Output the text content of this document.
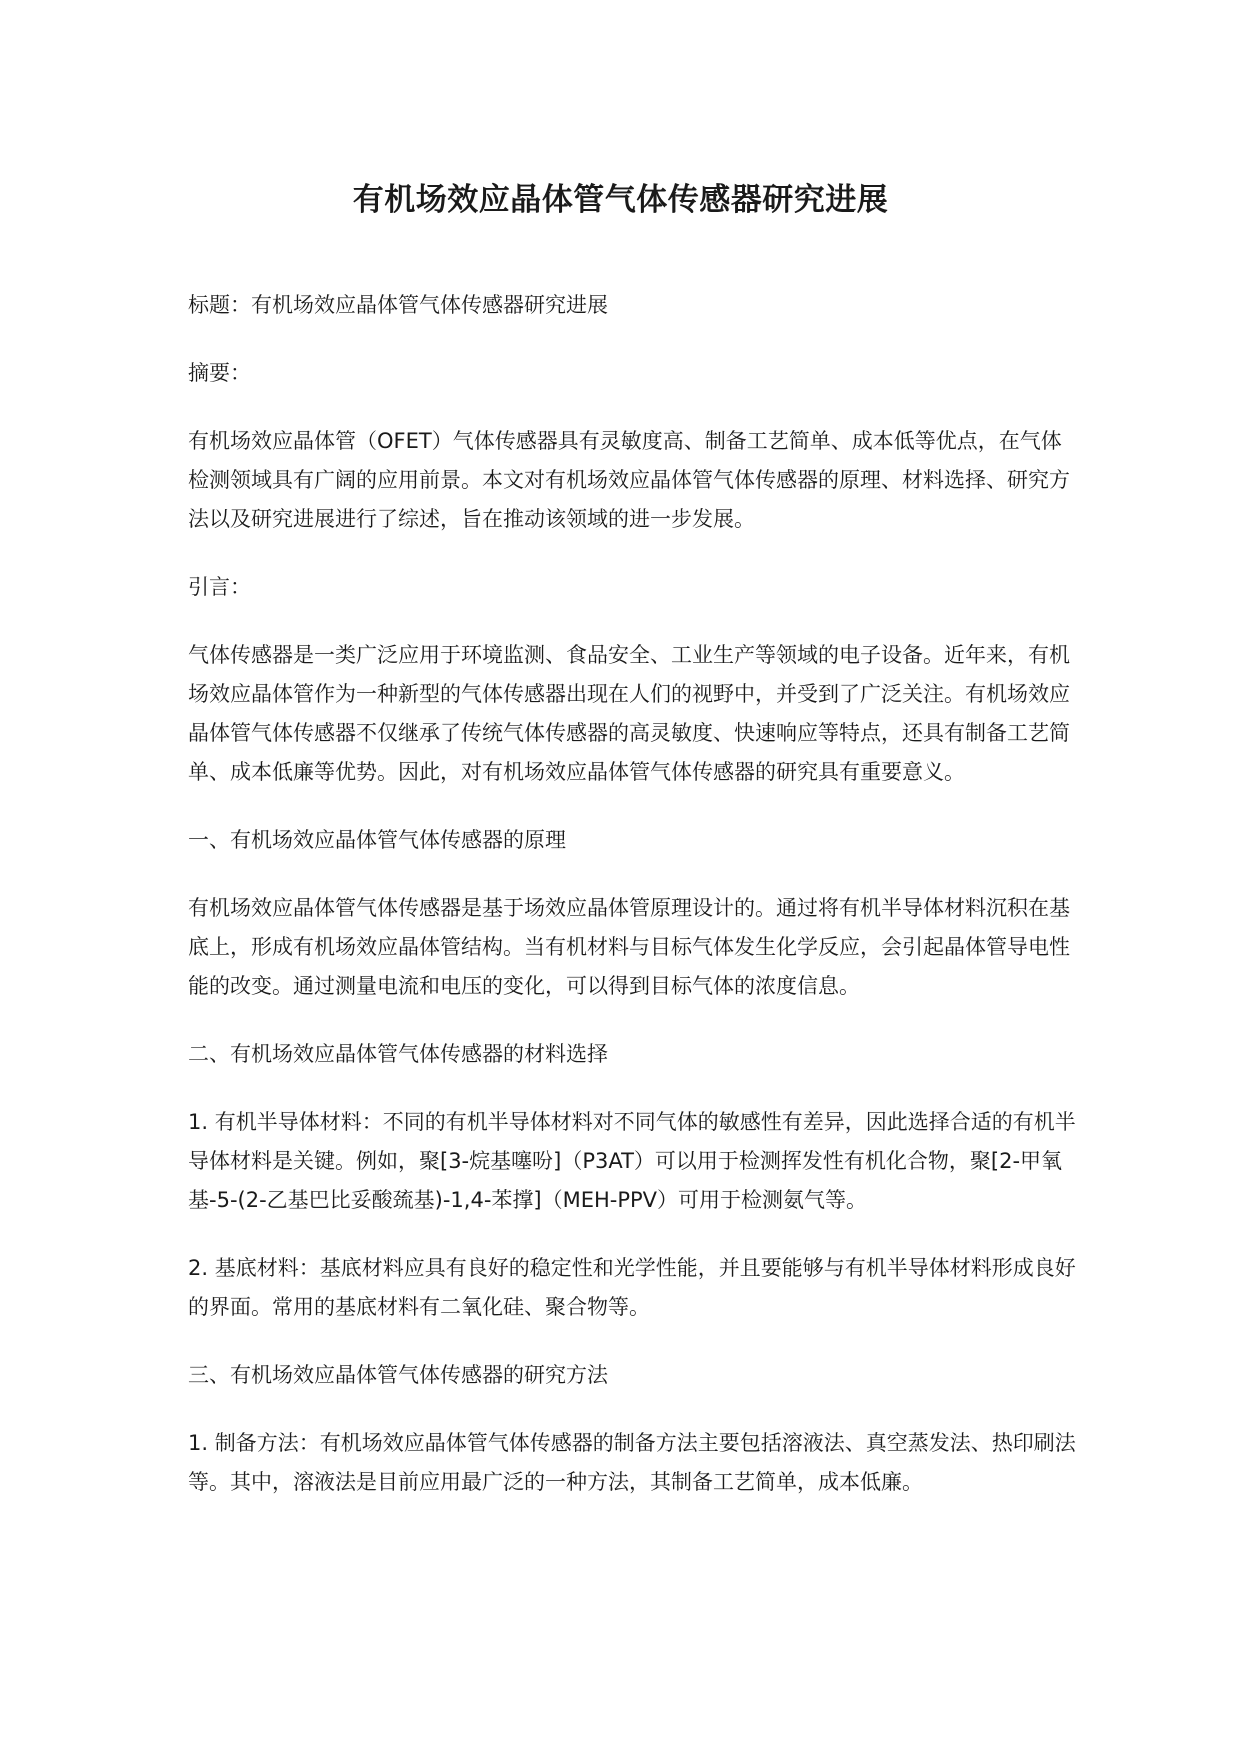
有机场效应晶体管气体传感器研究进展

标题：有机场效应晶体管气体传感器研究进展

摘要：

有机场效应晶体管（OFET）气体传感器具有灵敏度高、制备工艺简单、成本低等优点，在气体检测领域具有广阔的应用前景。本文对有机场效应晶体管气体传感器的原理、材料选择、研究方法以及研究进展进行了综述，旨在推动该领域的进一步发展。

引言：

气体传感器是一类广泛应用于环境监测、食品安全、工业生产等领域的电子设备。近年来，有机场效应晶体管作为一种新型的气体传感器出现在人们的视野中，并受到了广泛关注。有机场效应晶体管气体传感器不仅继承了传统气体传感器的高灵敏度、快速响应等特点，还具有制备工艺简单、成本低廉等优势。因此，对有机场效应晶体管气体传感器的研究具有重要意义。

一、有机场效应晶体管气体传感器的原理

有机场效应晶体管气体传感器是基于场效应晶体管原理设计的。通过将有机半导体材料沉积在基底上，形成有机场效应晶体管结构。当有机材料与目标气体发生化学反应，会引起晶体管导电性能的改变。通过测量电流和电压的变化，可以得到目标气体的浓度信息。

二、有机场效应晶体管气体传感器的材料选择

1. 有机半导体材料：不同的有机半导体材料对不同气体的敏感性有差异，因此选择合适的有机半导体材料是关键。例如，聚[3-烷基噻吩]（P3AT）可以用于检测挥发性有机化合物，聚[2-甲氧基-5-(2-乙基巴比妥酸巯基)-1,4-苯撑]（MEH-PPV）可用于检测氨气等。

2. 基底材料：基底材料应具有良好的稳定性和光学性能，并且要能够与有机半导体材料形成良好的界面。常用的基底材料有二氧化硅、聚合物等。

三、有机场效应晶体管气体传感器的研究方法

1. 制备方法：有机场效应晶体管气体传感器的制备方法主要包括溶液法、真空蒸发法、热印刷法等。其中，溶液法是目前应用最广泛的一种方法，其制备工艺简单，成本低廉。
